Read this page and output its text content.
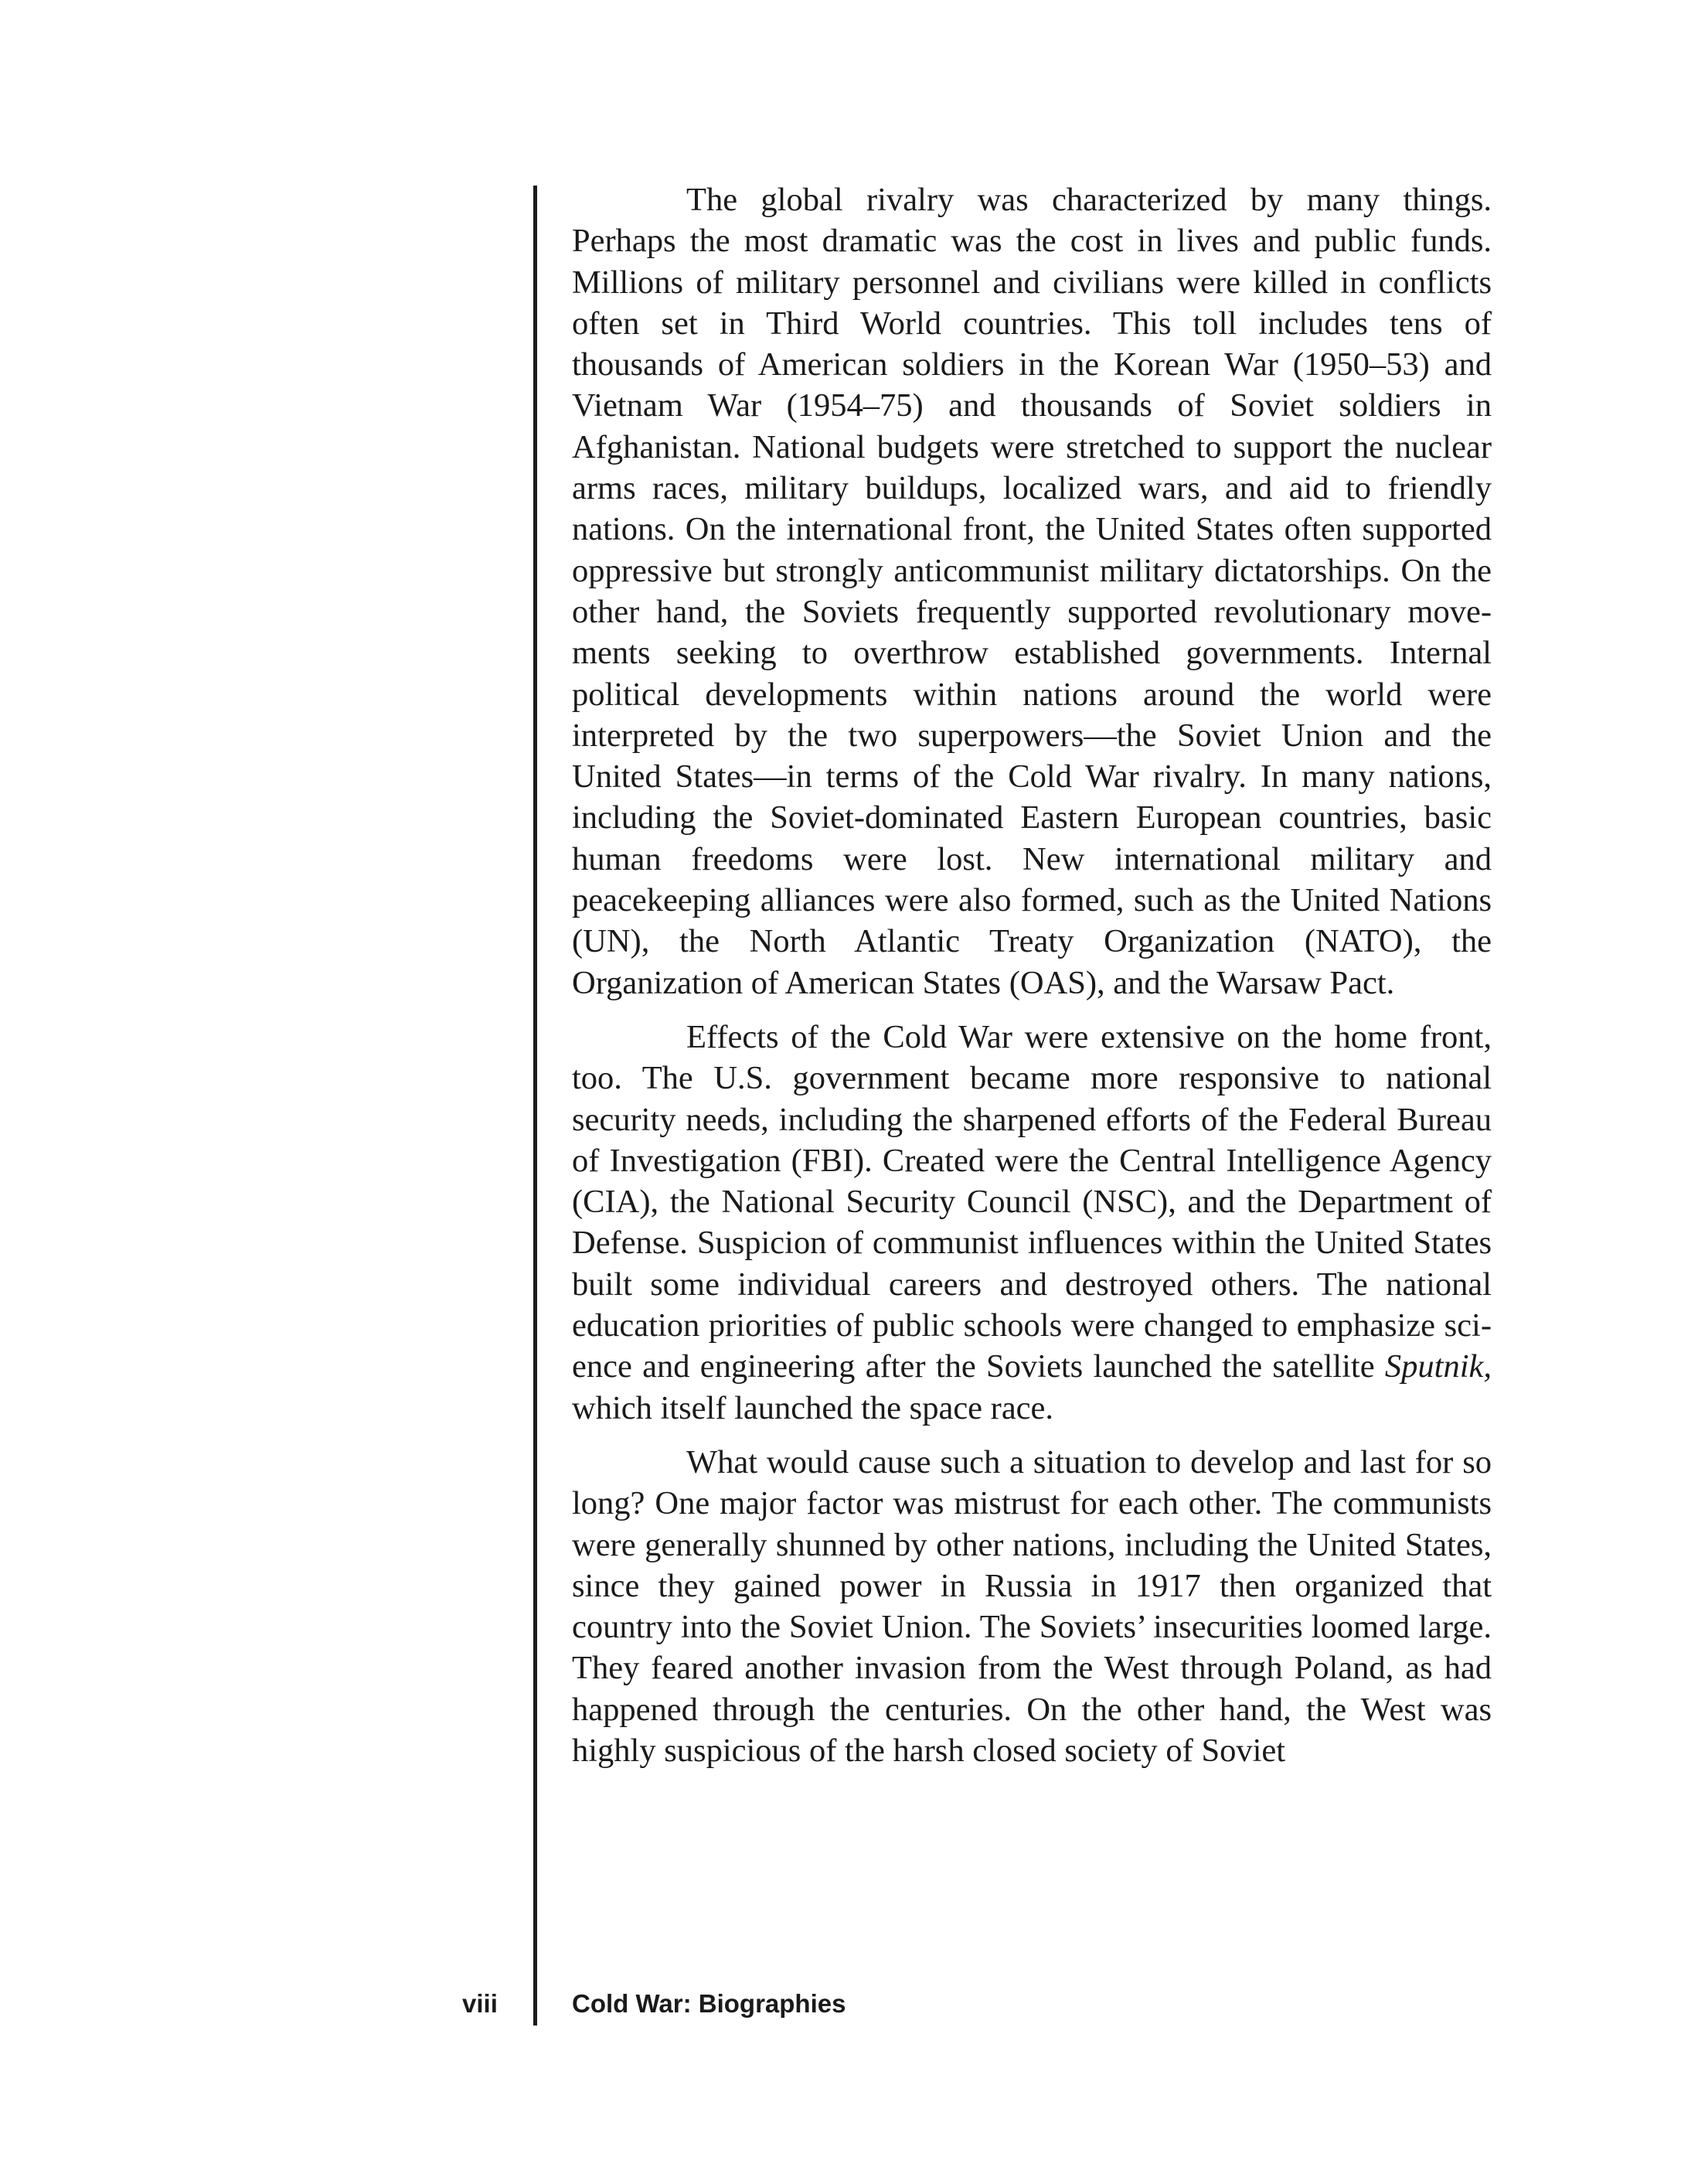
The global rivalry was characterized by many things. Perhaps the most dramatic was the cost in lives and public funds. Millions of military personnel and civilians were killed in conflicts often set in Third World countries. This toll includes tens of thousands of American soldiers in the Korean War (1950–53) and Vietnam War (1954–75) and thousands of Soviet soldiers in Afghanistan. National budgets were stretched to support the nuclear arms races, military buildups, localized wars, and aid to friendly nations. On the international front, the United States often supported oppressive but strongly anticommunist military dictatorships. On the other hand, the Soviets frequently supported revolutionary movements seeking to overthrow established governments. Internal political developments within nations around the world were interpreted by the two superpowers—the Soviet Union and the United States—in terms of the Cold War rivalry. In many nations, including the Soviet-dominated Eastern European countries, basic human freedoms were lost. New international military and peacekeeping alliances were also formed, such as the United Nations (UN), the North Atlantic Treaty Organization (NATO), the Organization of American States (OAS), and the Warsaw Pact.

Effects of the Cold War were extensive on the home front, too. The U.S. government became more responsive to national security needs, including the sharpened efforts of the Federal Bureau of Investigation (FBI). Created were the Central Intelligence Agency (CIA), the National Security Council (NSC), and the Department of Defense. Suspicion of communist influences within the United States built some individual careers and destroyed others. The national education priorities of public schools were changed to emphasize science and engineering after the Soviets launched the satellite Sputnik, which itself launched the space race.

What would cause such a situation to develop and last for so long? One major factor was mistrust for each other. The communists were generally shunned by other nations, including the United States, since they gained power in Russia in 1917 then organized that country into the Soviet Union. The Soviets’ insecurities loomed large. They feared another invasion from the West through Poland, as had happened through the centuries. On the other hand, the West was highly suspicious of the harsh closed society of Soviet

viii	Cold War: Biographies
